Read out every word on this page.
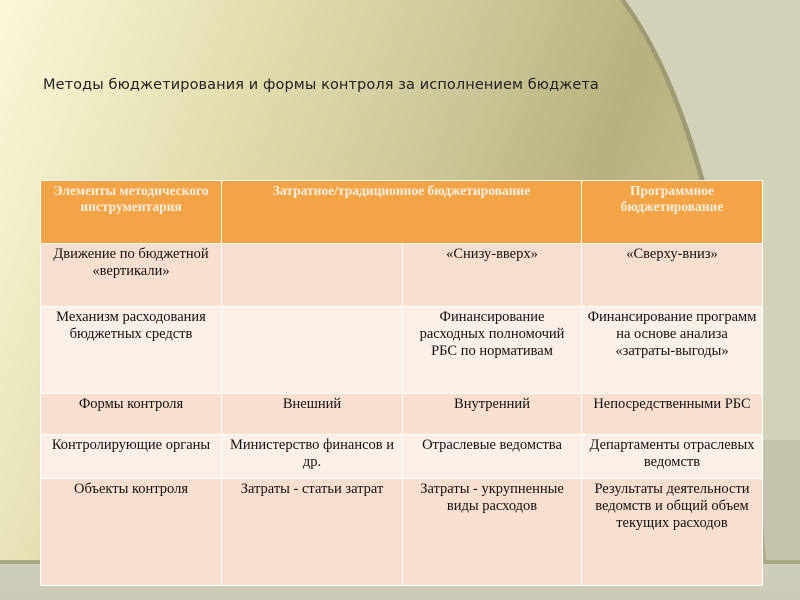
Методы бюджетирования и формы контроля за исполнением бюджета
Элементы методического инструментария	Затратное/традиционное бюджетирование		Программное бюджетирование
Движение по бюджетной «вертикали»		«Снизу-вверх»	«Сверху-вниз»
Механизм расходования бюджетных средств		Финансирование расходных полномочий РБС по нормативам	Финансирование программ на основе анализа «затраты-выгоды»
Формы контроля	Внешний	Внутренний	Непосредственными РБС
Контролирующие органы	Министерство финансов и др.	Отраслевые ведомства	Департаменты отраслевых ведомств
Объекты контроля	Затраты - статьи затрат	Затраты - укрупненные виды расходов	Результаты деятельности ведомств и общий объем текущих расходов
